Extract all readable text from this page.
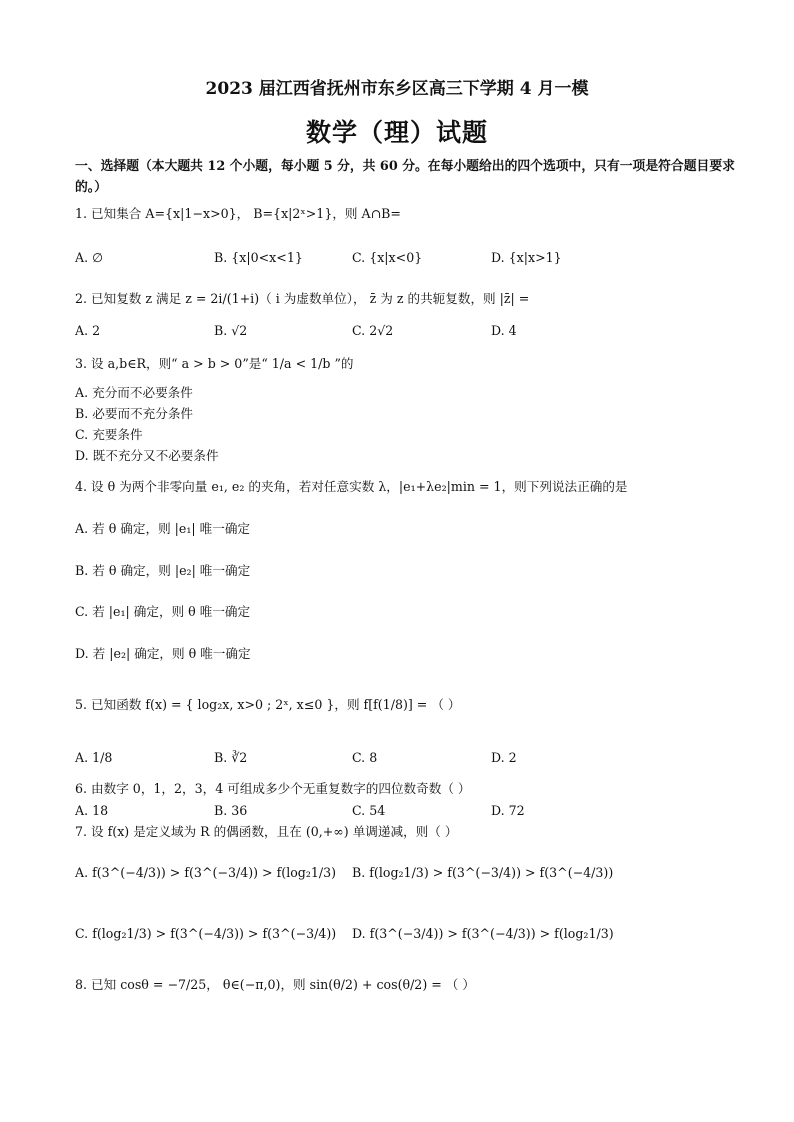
2023 届江西省抚州市东乡区高三下学期 4 月一模
数学（理）试题
一、选择题（本大题共 12 个小题，每小题 5 分，共 60 分。在每小题给出的四个选项中，只有一项是符合题目要求的。）
1. 已知集合 A={x|1−x>0}， B={x|2ˣ>1}，则 A∩B=
A. ∅	B. {x|0<x<1}	C. {x|x<0}	D. {x|x>1}
2. 已知复数 z 满足 z = 2i/(1+i)（ i 为虚数单位）， z̄ 为 z 的共轭复数，则 |z̄| =
A. 2	B. √2	C. 2√2	D. 4
3. 设 a,b∈R，则“ a > b > 0”是“ 1/a < 1/b ”的
A. 充分而不必要条件
B. 必要而不充分条件
C. 充要条件
D. 既不充分又不必要条件
4. 设 θ 为两个非零向量 e₁, e₂ 的夹角，若对任意实数 λ，|e₁+λe₂|min = 1，则下列说法正确的是
A. 若 θ 确定，则 |e₁| 唯一确定
B. 若 θ 确定，则 |e₂| 唯一确定
C. 若 |e₁| 确定，则 θ 唯一确定
D. 若 |e₂| 确定，则 θ 唯一确定
5. 已知函数 f(x) = { log₂x, x>0 ; 2ˣ, x≤0 }，则 f[f(1/8)] = （ ）
A. 1/8	B. ∛2	C. 8	D. 2
6. 由数字 0，1，2，3，4 可组成多少个无重复数字的四位数奇数（ ）
A. 18	B. 36	C. 54	D. 72
7. 设 f(x) 是定义域为 R 的偶函数，且在 (0,+∞) 单调递减，则（ ）
A. f(3^(−4/3)) > f(3^(−3/4)) > f(log₂1/3) B. f(log₂1/3) > f(3^(−3/4)) > f(3^(−4/3))
C. f(log₂1/3) > f(3^(−4/3)) > f(3^(−3/4)) D. f(3^(−3/4)) > f(3^(−4/3)) > f(log₂1/3)
8. 已知 cosθ = −7/25， θ∈(−π,0)，则 sin(θ/2) + cos(θ/2) = （ ）
